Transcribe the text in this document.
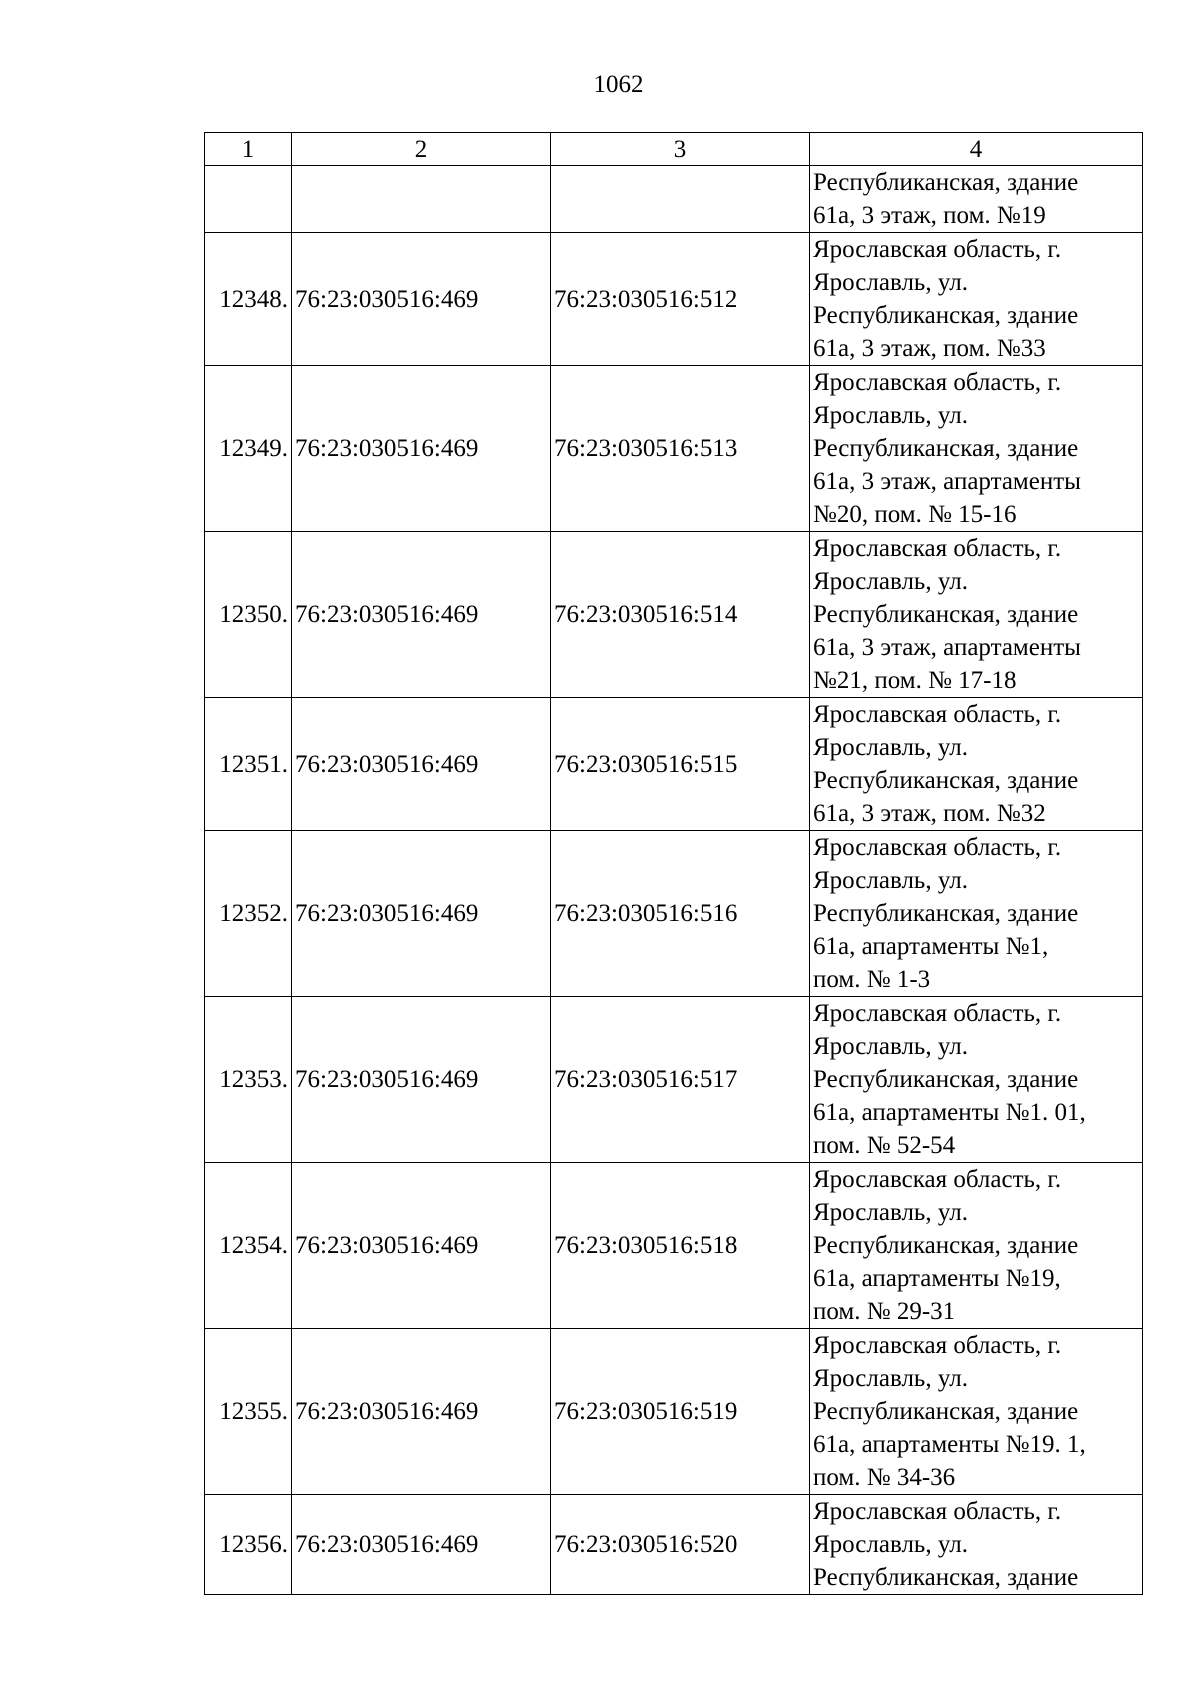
1062
1	2	3	4
			Республиканская, здание
61а, 3 этаж, пом. №19
12348.	76:23:030516:469	76:23:030516:512	Ярославская область, г.
Ярославль, ул.
Республиканская, здание
61а, 3 этаж, пом. №33
12349.	76:23:030516:469	76:23:030516:513	Ярославская область, г.
Ярославль, ул.
Республиканская, здание
61а, 3 этаж, апартаменты
№20, пом. № 15-16
12350.	76:23:030516:469	76:23:030516:514	Ярославская область, г.
Ярославль, ул.
Республиканская, здание
61а, 3 этаж, апартаменты
№21, пом. № 17-18
12351.	76:23:030516:469	76:23:030516:515	Ярославская область, г.
Ярославль, ул.
Республиканская, здание
61а, 3 этаж, пом. №32
12352.	76:23:030516:469	76:23:030516:516	Ярославская область, г.
Ярославль, ул.
Республиканская, здание
61а, апартаменты №1,
пом. № 1-3
12353.	76:23:030516:469	76:23:030516:517	Ярославская область, г.
Ярославль, ул.
Республиканская, здание
61а, апартаменты №1. 01,
пом. № 52-54
12354.	76:23:030516:469	76:23:030516:518	Ярославская область, г.
Ярославль, ул.
Республиканская, здание
61а, апартаменты №19,
пом. № 29-31
12355.	76:23:030516:469	76:23:030516:519	Ярославская область, г.
Ярославль, ул.
Республиканская, здание
61а, апартаменты №19. 1,
пом. № 34-36
12356.	76:23:030516:469	76:23:030516:520	Ярославская область, г.
Ярославль, ул.
Республиканская, здание
